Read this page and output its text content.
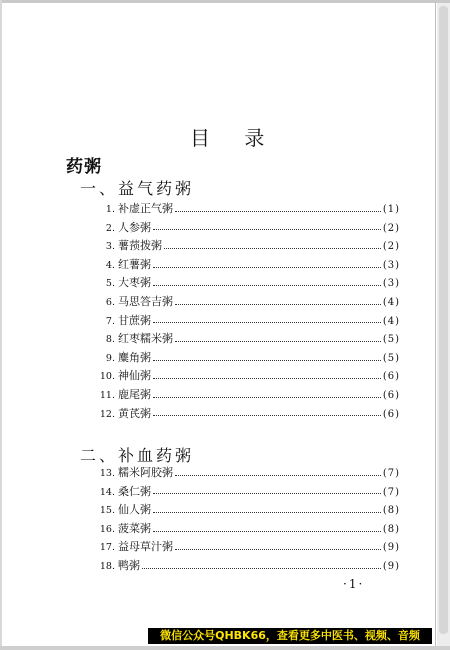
目 录
药粥
一、益气药粥
1. 补虚正气粥	(1)
2. 人参粥	(2)
3. 薯蓣拨粥	(2)
4. 红薯粥	(3)
5. 大枣粥	(3)
6. 马思答吉粥	(4)
7. 甘蔗粥	(4)
8. 红枣糯米粥	(5)
9. 麋角粥	(5)
10. 神仙粥	(6)
11. 鹿尾粥	(6)
12. 黄芪粥	(6)
二、补血药粥
13. 糯米阿胶粥	(7)
14. 桑仁粥	(7)
15. 仙人粥	(8)
16. 菠菜粥	(8)
17. 益母草汁粥	(9)
18. 鸭粥	(9)
·1·
微信公众号QHBK66，查看更多中医书、视频、音频
